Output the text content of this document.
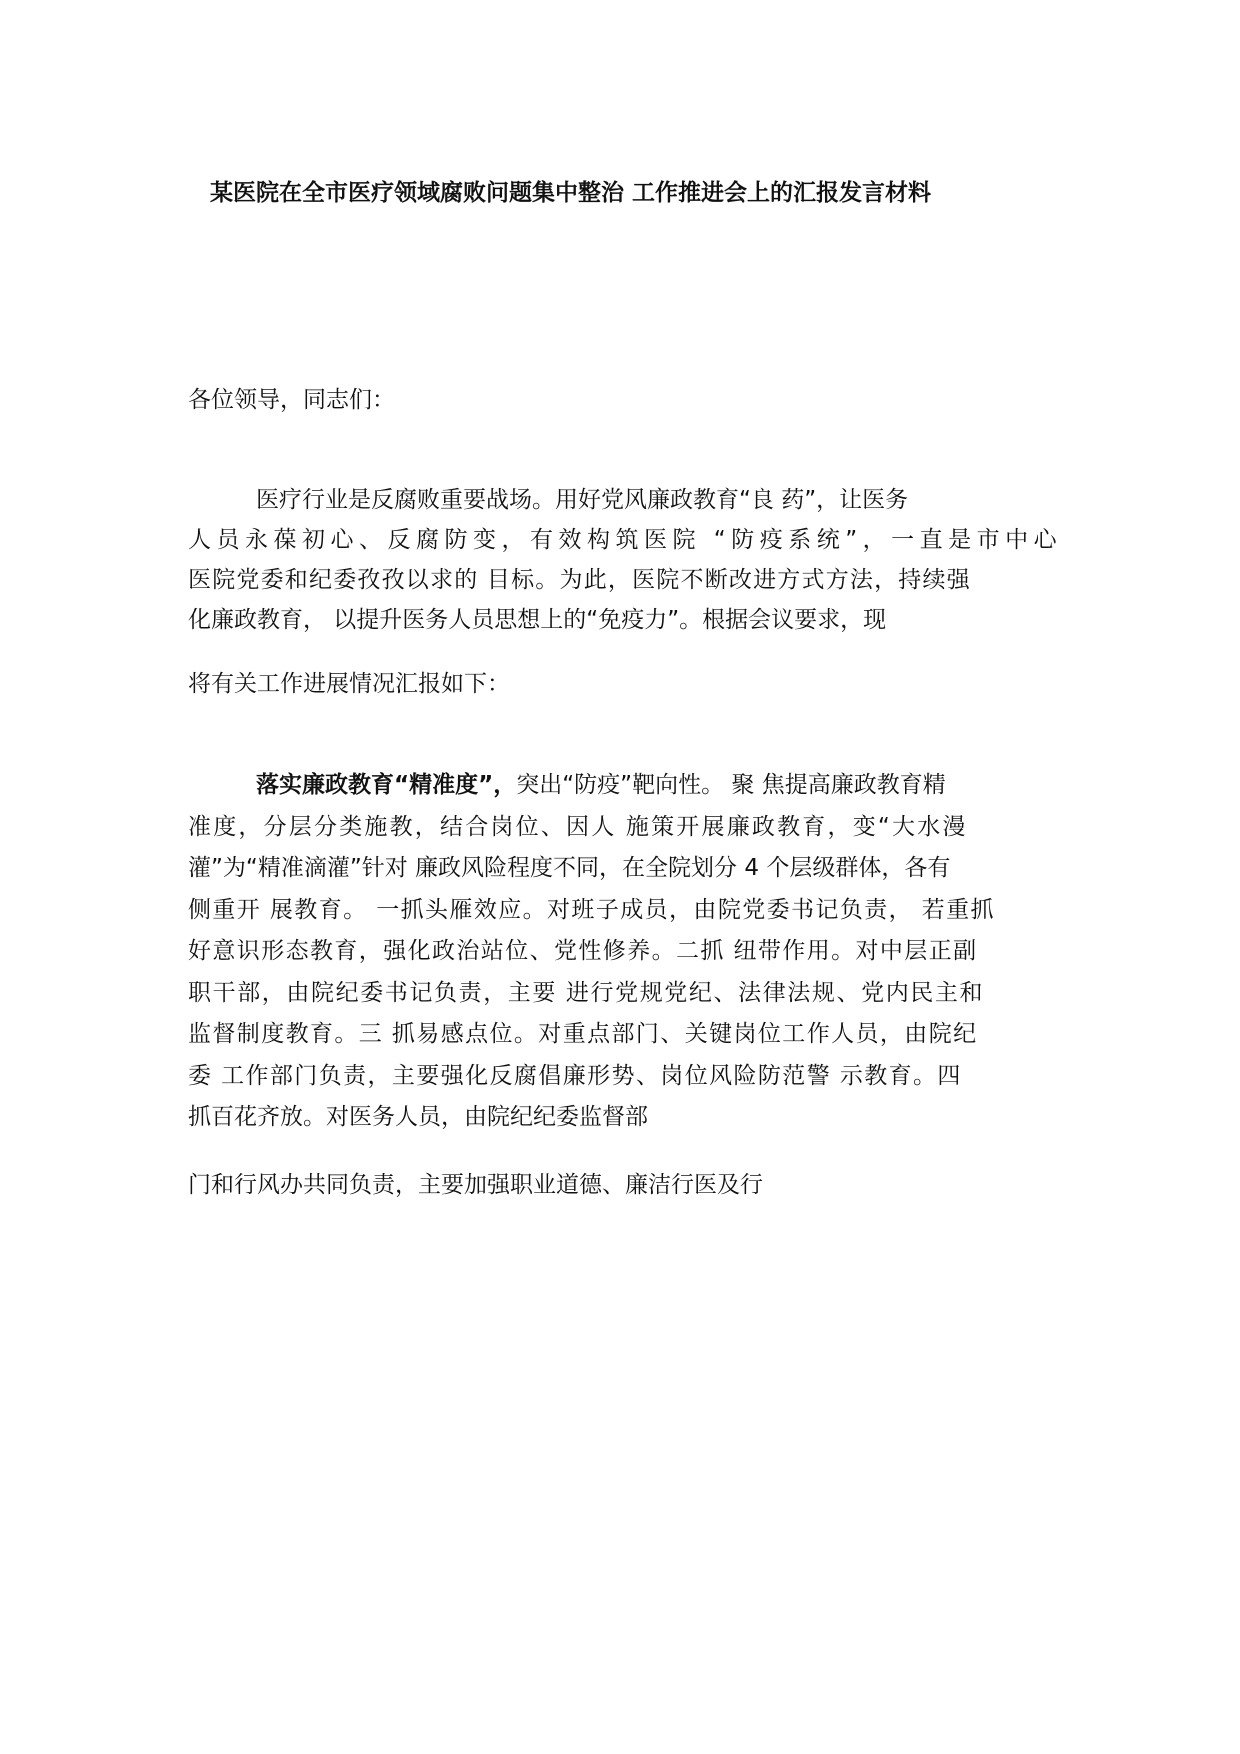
某医院在全市医疗领域腐败问题集中整治 工作推进会上的汇报发言材料
各位领导，同志们：
医疗行业是反腐败重要战场。用好党风廉政教育“良 药”，让医务
人员永葆初心、反腐防变，有效构筑医院 “防疫系统”，一直是市中心
医院党委和纪委孜孜以求的 目标。为此，医院不断改进方式方法，持续强
化廉政教育， 以提升医务人员思想上的“免疫力”。根据会议要求，现
将有关工作进展情况汇报如下：
落实廉政教育“精准度”，突出“防疫”靶向性。 聚 焦提高廉政教育精
准度，分层分类施教，结合岗位、因人 施策开展廉政教育，变“大水漫
灌”为“精准滴灌”针对 廉政风险程度不同，在全院划分 4 个层级群体，各有
侧重开 展教育。 一抓头雁效应。对班子成员，由院党委书记负责， 若重抓
好意识形态教育，强化政治站位、党性修养。二抓 纽带作用。对中层正副
职干部，由院纪委书记负责，主要 进行党规党纪、法律法规、党内民主和
监督制度教育。三 抓易感点位。对重点部门、关键岗位工作人员，由院纪
委 工作部门负责，主要强化反腐倡廉形势、岗位风险防范警 示教育。四
抓百花齐放。对医务人员，由院纪纪委监督部
门和行风办共同负责，主要加强职业道德、廉洁行医及行
